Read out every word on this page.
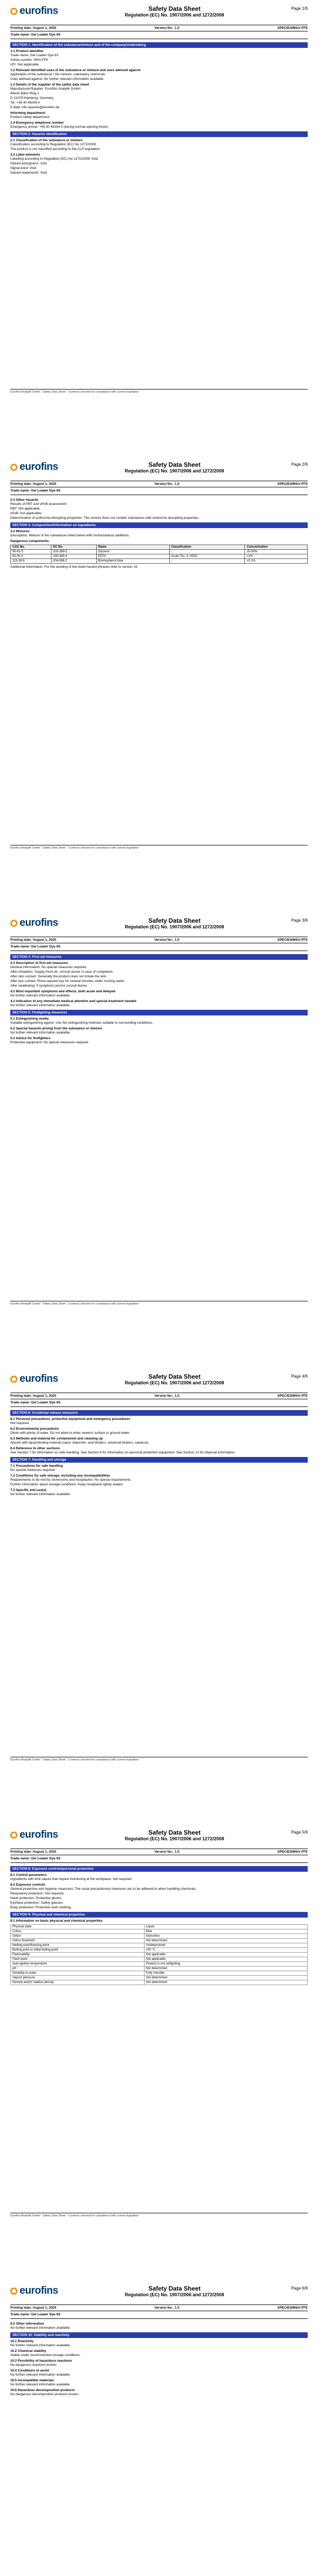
eurofins	Safety Data Sheet
Regulation (EC) No. 1907/2006 and 1272/2008
Page 1/9
Printing date: August 1, 2025	Version No.: 1.0	SPECIESIMSA-FFE
Trade name: Gel Loader Dye 6X
SECTION 1: Identification of the substance/mixture and of the company/undertaking
1.1 Product identifier
Trade name: Gel Loader Dye 6X
Article number: MSA-FFE
UFI: Not applicable
1.2 Relevant identified uses of the substance or mixture and uses advised against
Application of the substance / the mixture: Laboratory chemicals
Uses advised against: No further relevant information available.
1.3 Details of the supplier of the safety data sheet
Manufacturer/Supplier: Eurofins Analytik GmbH
Wiertz Bahn Ring 1
D-21079 Hamburg, Germany
Tel: +49 40 49294-0
E-Mail: info-spezies@eurofins.de
Informing department:
Product safety department
1.4 Emergency telephone number
Emergency phone: +49 40 49294-0 (during normal opening times)
SECTION 2: Hazards identification
2.1 Classification of the substance or mixture
Classification according to Regulation (EC) No 1272/2008
The product is not classified according to the CLP regulation.
2.2 Label elements
Labelling according to Regulation (EC) No 1272/2008: Void
Hazard pictograms: Void
Signal word: Void
Hazard statements: Void
Eurofins Analytik GmbH · Safety Data Sheet · Contents checked for compliance with current legislation
eurofins	Safety Data Sheet
Regulation (EC) No. 1907/2006 and 1272/2008
Page 2/9
Printing date: August 1, 2025	Version No.: 1.0	SPECIESIMSA-FFE
Trade name: Gel Loader Dye 6X
2.3 Other hazards
Results of PBT and vPvB assessment
PBT: Not applicable.
vPvB: Not applicable.
Determination of endocrine-disrupting properties: The mixture does not contain substances with endocrine disrupting properties.
SECTION 3: Composition/information on ingredients
3.2 Mixtures
Description: Mixture of the substances listed below with nonhazardous additions.
Dangerous components:
CAS No.	EC No.	Name	Classification	Concentration
56-81-5	200-289-5	Glycerol	-	25-50%
60-00-4	200-449-4	EDTA	Acute Tox. 4, H332	<1%
115-39-9	204-086-2	Bromophenol blue	-	<0.1%
Additional information: For the wording of the listed hazard phrases refer to section 16.
Eurofins Analytik GmbH · Safety Data Sheet · Contents checked for compliance with current legislation
eurofins	Safety Data Sheet
Regulation (EC) No. 1907/2006 and 1272/2008
Page 3/9
Printing date: August 1, 2025	Version No.: 1.0	SPECIESIMSA-FFE
Trade name: Gel Loader Dye 6X
SECTION 4: First aid measures
4.1 Description of first aid measures
General information: No special measures required.
After inhalation: Supply fresh air; consult doctor in case of complaints.
After skin contact: Generally the product does not irritate the skin.
After eye contact: Rinse opened eye for several minutes under running water.
After swallowing: If symptoms persist consult doctor.
4.2 Most important symptoms and effects, both acute and delayed
No further relevant information available.
4.3 Indication of any immediate medical attention and special treatment needed
No further relevant information available.
SECTION 5: Firefighting measures
5.1 Extinguishing media
Suitable extinguishing agents: Use fire extinguishing methods suitable to surrounding conditions.
5.2 Special hazards arising from the substance or mixture
No further relevant information available.
5.3 Advice for firefighters
Protective equipment: No special measures required.
Eurofins Analytik GmbH · Safety Data Sheet · Contents checked for compliance with current legislation
eurofins	Safety Data Sheet
Regulation (EC) No. 1907/2006 and 1272/2008
Page 4/9
Printing date: August 1, 2025	Version No.: 1.0	SPECIESIMSA-FFE
Trade name: Gel Loader Dye 6X
SECTION 6: Accidental release measures
6.1 Personal precautions, protective equipment and emergency procedures
Not required.
6.2 Environmental precautions
Dilute with plenty of water. Do not allow to enter sewers/ surface or ground water.
6.3 Methods and material for containment and cleaning up
Absorb with liquid-binding material (sand, diatomite, acid binders, universal binders, sawdust).
6.4 Reference to other sections
See Section 7 for information on safe handling. See Section 8 for information on personal protection equipment. See Section 13 for disposal information.
SECTION 7: Handling and storage
7.1 Precautions for safe handling
No special measures required.
7.2 Conditions for safe storage, including any incompatibilities
Requirements to be met by storerooms and receptacles: No special requirements.
Further information about storage conditions: Keep receptacle tightly sealed.
7.3 Specific end use(s)
No further relevant information available.
Eurofins Analytik GmbH · Safety Data Sheet · Contents checked for compliance with current legislation
eurofins	Safety Data Sheet
Regulation (EC) No. 1907/2006 and 1272/2008
Page 5/9
Printing date: August 1, 2025	Version No.: 1.0	SPECIESIMSA-FFE
Trade name: Gel Loader Dye 6X
SECTION 8: Exposure controls/personal protection
8.1 Control parameters
Ingredients with limit values that require monitoring at the workplace: Not required.
8.2 Exposure controls
General protective and hygienic measures: The usual precautionary measures are to be adhered to when handling chemicals.
Respiratory protection: Not required.
Hand protection: Protective gloves.
Eye/face protection: Safety glasses.
Body protection: Protective work clothing.
SECTION 9: Physical and chemical properties
9.1 Information on basic physical and chemical properties
Physical state	Liquid
Colour	Blue
Odour	Odourless
Odour threshold	Not determined
Melting point/freezing point	Undetermined
Boiling point or initial boiling point	100 °C
Flammability	Not applicable
Flash point	Not applicable
Auto-ignition temperature	Product is not selfigniting
pH	Not determined
Solubility in water	Fully miscible
Vapour pressure	Not determined
Density and/or relative density	Not determined
Eurofins Analytik GmbH · Safety Data Sheet · Contents checked for compliance with current legislation
eurofins	Safety Data Sheet
Regulation (EC) No. 1907/2006 and 1272/2008
Page 6/9
Printing date: August 1, 2025	Version No.: 1.0	SPECIESIMSA-FFE
Trade name: Gel Loader Dye 6X
9.2 Other information
No further relevant information available.
SECTION 10: Stability and reactivity
10.1 Reactivity
No further relevant information available.
10.2 Chemical stability
Stable under recommended storage conditions.
10.3 Possibility of hazardous reactions
No dangerous reactions known.
10.4 Conditions to avoid
No further relevant information available.
10.5 Incompatible materials
No further relevant information available.
10.6 Hazardous decomposition products
No dangerous decomposition products known.
